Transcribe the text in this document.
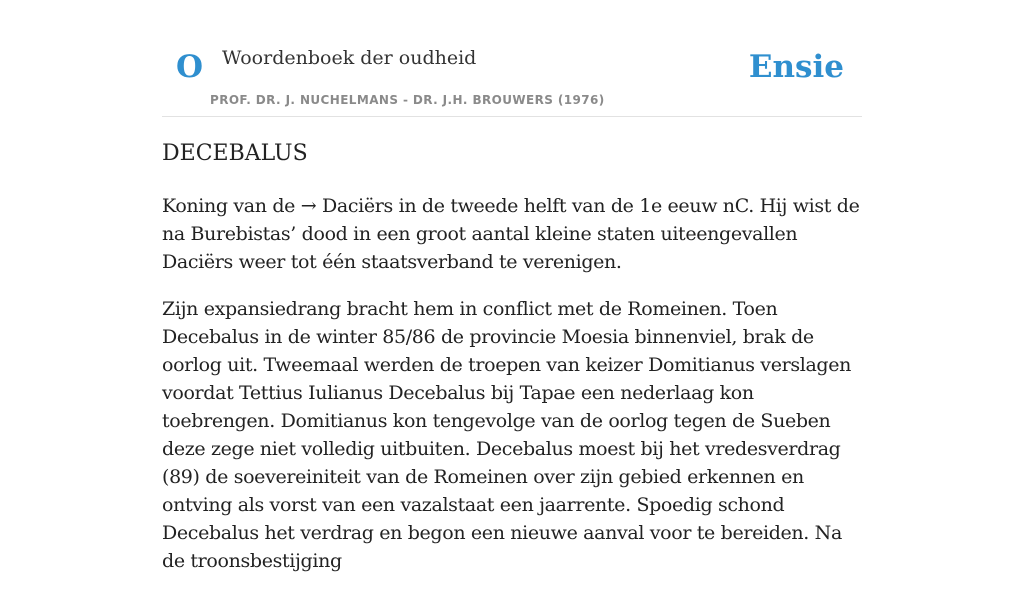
O Woordenboek der oudheid
PROF. DR. J. NUCHELMANS - DR. J.H. BROUWERS (1976)
Ensie
DECEBALUS

Koning van de → Daciërs in de tweede helft van de 1e eeuw nC. Hij wist de na Burebistas’ dood in een groot aantal kleine staten uiteengevallen Daciërs weer tot één staatsverband te verenigen.

Zijn expansiedrang bracht hem in conflict met de Romeinen. Toen Decebalus in de winter 85/86 de provincie Moesia binnenviel, brak de oorlog uit. Tweemaal werden de troepen van keizer Domitianus verslagen voordat Tettius Iulianus Decebalus bij Tapae een nederlaag kon toebrengen. Domitianus kon tengevolge van de oorlog tegen de Sueben deze zege niet volledig uitbuiten. Decebalus moest bij het vredesverdrag (89) de soevereiniteit van de Romeinen over zijn gebied erkennen en ontving als vorst van een vazalstaat een jaarrente. Spoedig schond Decebalus het verdrag en begon een nieuwe aanval voor te bereiden. Na de troonsbestijging
